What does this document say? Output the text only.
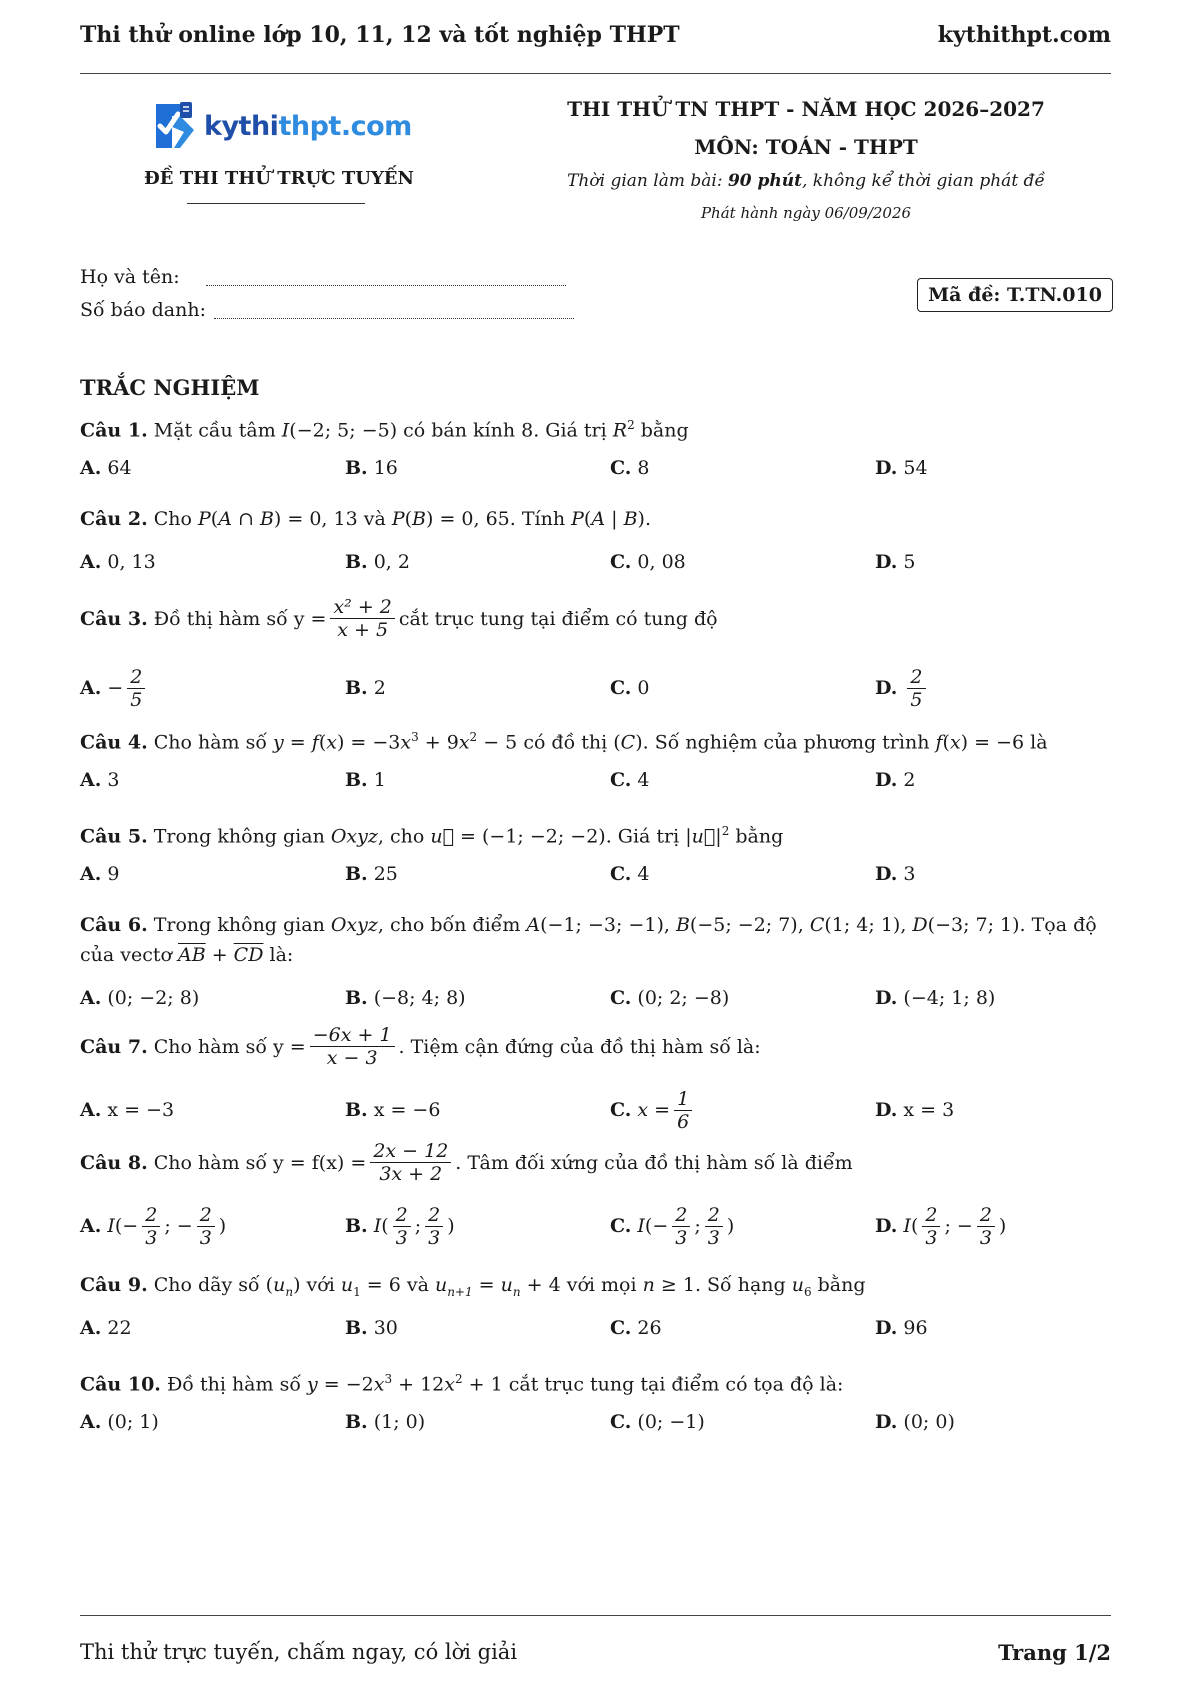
Thi thử online lớp 10, 11, 12 và tốt nghiệp THPT	kythithpt.com
kythithpt.com
ĐỀ THI THỬ TRỰC TUYẾN
THI THỬ TN THPT - NĂM HỌC 2026–2027
MÔN: TOÁN - THPT
Thời gian làm bài: 90 phút, không kể thời gian phát đề
Phát hành ngày 06/09/2026
Họ và tên:
Số báo danh:
Mã đề: T.TN.010
TRẮC NGHIỆM
Câu 1. Mặt cầu tâm I(−2; 5; −5) có bán kính 8. Giá trị $R^2$ bằng
A. 64	B. 16	C. 8	D. 54
Câu 2. Cho P(A ∩ B) = 0, 13 và P(B) = 0, 65. Tính P(A | B).
A. 0, 13	B. 0, 2	C. 0, 08	D. 5
Câu 3.
Đồ thị hàm số $y = \frac{\text{x² + 2}}{x + 5}$ cắt trục tung tại điểm có tung độ
A. − $\frac{2}{5}$	B. 2	C. 0	D. $\frac{2}{5}$
Câu 4. Cho hàm số $y = f(x) = -3x^3 + 9x^2 - 5$ có đồ thị (C). Số nghiệm của phương trình f(x) = −6 là
A. 3	B. 1	C. 4	D. 2
Câu 5. Trong không gian Oxyz, cho u⃗ = (−1; −2; −2). Giá trị $|u⃗|^2$ bằng
A. 9	B. 25	C. 4	D. 3
Câu 6. Trong không gian Oxyz, cho bốn điểm A(−1; −3; −1), B(−5; −2; 7), C(1; 4; 1), D(−3; 7; 1). Tọa độ của vectơ $\overline{AB} + \overline{CD}$ là:
A. (0; −2; 8)	B. (−8; 4; 8)	C. (0; 2; −8)	D. (−4; 1; 8)
Câu 7.
Cho hàm số $y = \frac{-6x + 1}{x - 3}$ . Tiệm cận đứng của đồ thị hàm số là:
A. x = −3	B. x = −6	C. $x = \frac{1}{6}$	D. x = 3
Câu 8.
Cho hàm số $y = f(x) = \frac{2x - 12}{3x + 2}$ . Tâm đối xứng của đồ thị hàm số là điểm
A. I (− $\frac{2}{3}$ ; − $\frac{2}{3}$ )	B. I ( $\frac{2}{3}$ ; $\frac{2}{3}$ )	C. I (− $\frac{2}{3}$ ; $\frac{2}{3}$ )	D. I ( $\frac{2}{3}$ ; − $\frac{2}{3}$ )
Câu 9. Cho dãy số $(u_n)$ với $u_1 = 6$ và $u_{n+1} = u_n + 4$ với mọi n ≥ 1. Số hạng $u_6$ bằng
A. 22	B. 30	C. 26	D. 96
Câu 10. Đồ thị hàm số $y = -2x^3 + 12x^2 + 1$ cắt trục tung tại điểm có tọa độ là:
A. (0; 1)	B. (1; 0)	C. (0; −1)	D. (0; 0)
Thi thử trực tuyến, chấm ngay, có lời giải	Trang 1/2
